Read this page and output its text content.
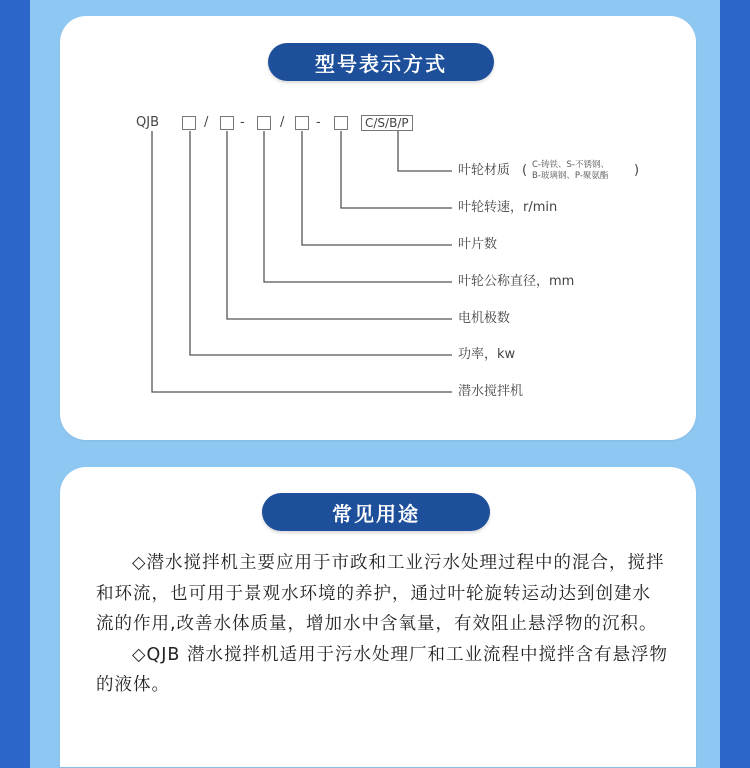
型号表示方式
QJB	/ -	/ -	C/S/B/P
叶轮材质 ( C-铸铁、S-不锈钢、
B-玻璃钢、P-聚氨酯 )
叶轮转速，r/min
叶片数
叶轮公称直径，mm
电机极数
功率，kw
潜水搅拌机
常见用途

◇潜水搅拌机主要应用于市政和工业污水处理过程中的混合，搅拌和环流，也可用于景观水环境的养护，通过叶轮旋转运动达到创建水流的作用,改善水体质量，增加水中含氧量，有效阻止悬浮物的沉积。

◇QJB 潜水搅拌机适用于污水处理厂和工业流程中搅拌含有悬浮物的液体。
